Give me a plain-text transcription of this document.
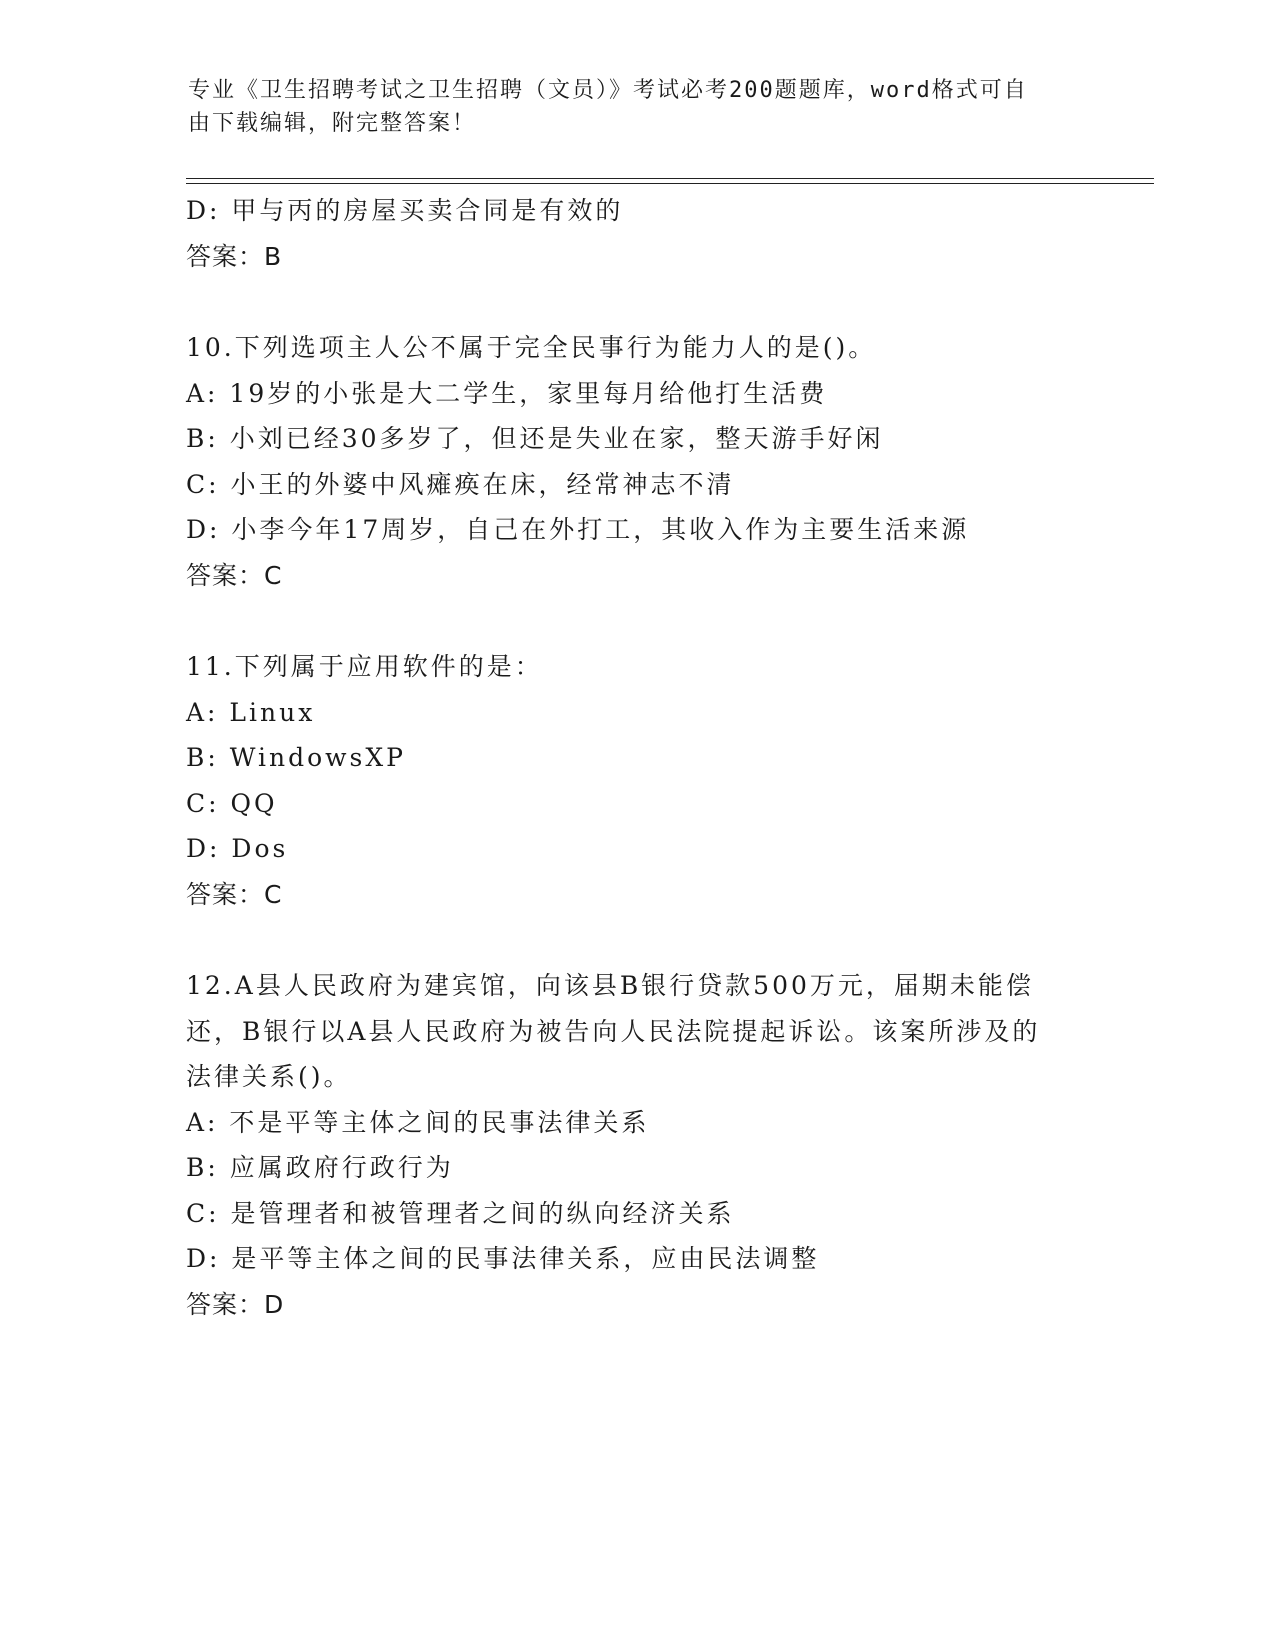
专业《卫生招聘考试之卫生招聘（文员）》考试必考200题题库，word格式可自
由下载编辑，附完整答案！
D: 甲与丙的房屋买卖合同是有效的
答案：B
10.下列选项主人公不属于完全民事行为能力人的是()。
A: 19岁的小张是大二学生，家里每月给他打生活费
B: 小刘已经30多岁了，但还是失业在家，整天游手好闲
C: 小王的外婆中风瘫痪在床，经常神志不清
D: 小李今年17周岁，自己在外打工，其收入作为主要生活来源
答案：C
11.下列属于应用软件的是：
A: Linux
B: WindowsXP
C: QQ
D: Dos
答案：C
12.A县人民政府为建宾馆，向该县B银行贷款500万元，届期未能偿
还，B银行以A县人民政府为被告向人民法院提起诉讼。该案所涉及的
法律关系()。
A: 不是平等主体之间的民事法律关系
B: 应属政府行政行为
C: 是管理者和被管理者之间的纵向经济关系
D: 是平等主体之间的民事法律关系，应由民法调整
答案：D
